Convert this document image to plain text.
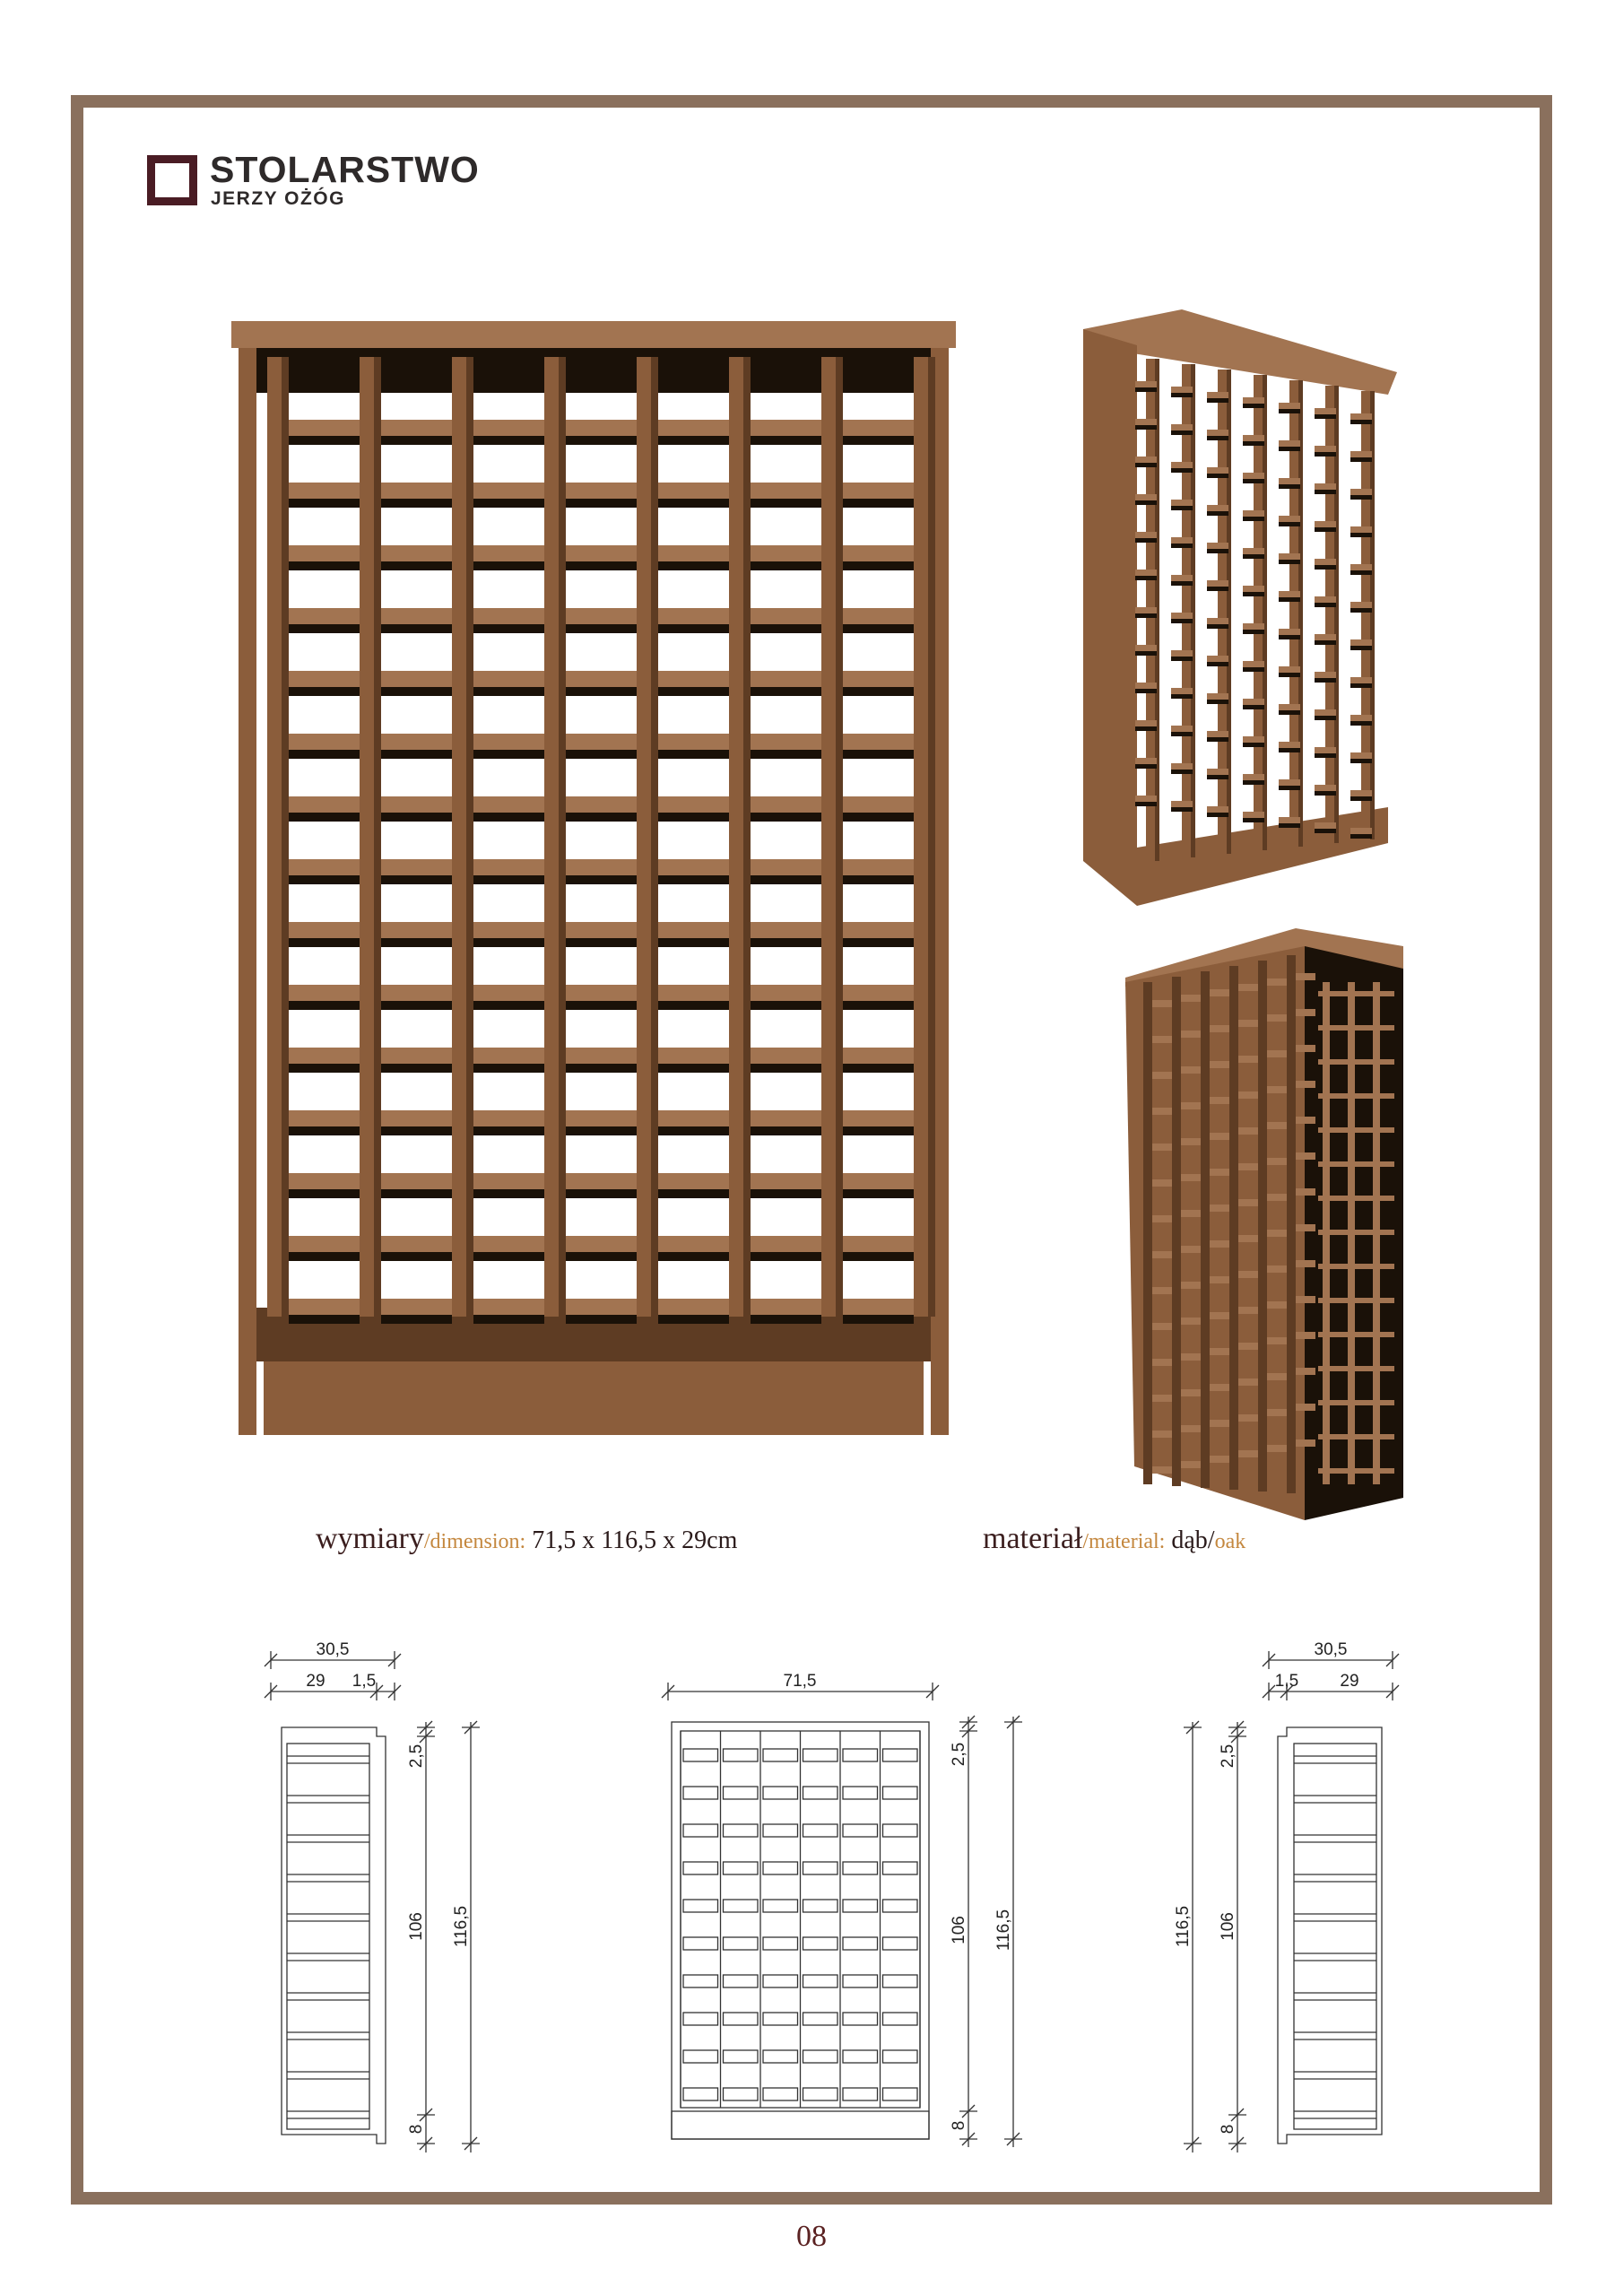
STOLARSTWO
JERZY OŻÓG
wymiary/dimension: 71,5 x 116,5 x 29cm	materiał/material: dąb/oak
30,5
29 1,5
2,5
106
8
116,5
71,5
2,5
106
8
116,5
30,5
1,5 29
116,5
2,5
106
8
08
